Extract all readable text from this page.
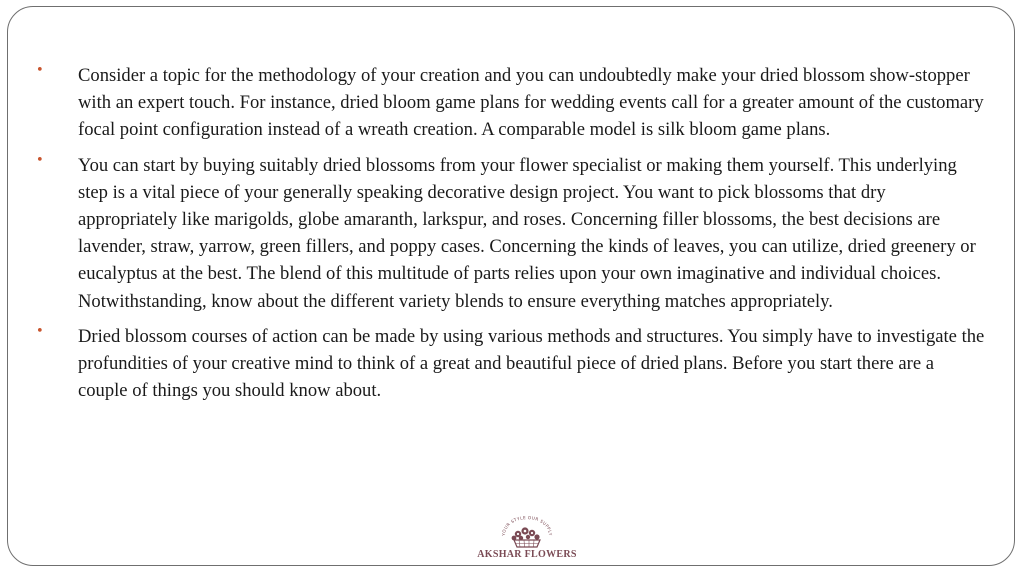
• Consider a topic for the methodology of your creation and you can undoubtedly make your dried blossom show-stopper with an expert touch. For instance, dried bloom game plans for wedding events call for a greater amount of the customary focal point configuration instead of a wreath creation. A comparable model is silk bloom game plans.
• You can start by buying suitably dried blossoms from your flower specialist or making them yourself. This underlying step is a vital piece of your generally speaking decorative design project. You want to pick blossoms that dry appropriately like marigolds, globe amaranth, larkspur, and roses. Concerning filler blossoms, the best decisions are lavender, straw, yarrow, green fillers, and poppy cases. Concerning the kinds of leaves, you can utilize, dried greenery or eucalyptus at the best. The blend of this multitude of parts relies upon your own imaginative and individual choices. Notwithstanding, know about the different variety blends to ensure everything matches appropriately.
• Dried blossom courses of action can be made by using various methods and structures. You simply have to investigate the profundities of your creative mind to think of a great and beautiful piece of dried plans. Before you start there are a couple of things you should know about.
YOUR STYLE OUR SUPPLY
AKSHAR FLOWERS
